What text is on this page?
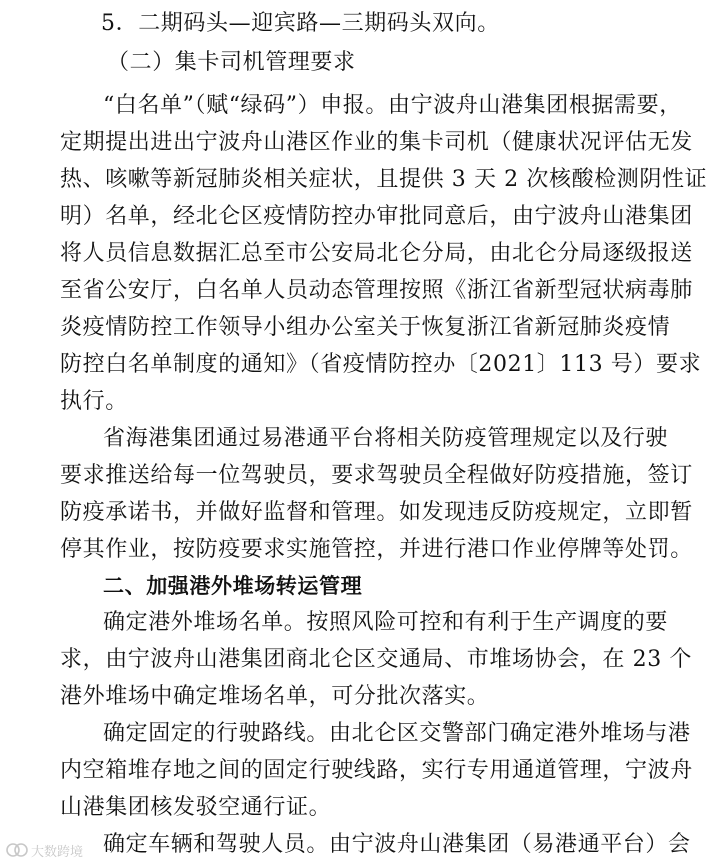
5．二期码头—迎宾路—三期码头双向。
（二）集卡司机管理要求
“白名单”（赋“绿码”）申报。由宁波舟山港集团根据需要，
定期提出进出宁波舟山港区作业的集卡司机（健康状况评估无发
热、咳嗽等新冠肺炎相关症状，且提供 3 天 2 次核酸检测阴性证
明）名单，经北仑区疫情防控办审批同意后，由宁波舟山港集团
将人员信息数据汇总至市公安局北仑分局，由北仑分局逐级报送
至省公安厅，白名单人员动态管理按照《浙江省新型冠状病毒肺
炎疫情防控工作领导小组办公室关于恢复浙江省新冠肺炎疫情
防控白名单制度的通知》（省疫情防控办〔2021〕113 号）要求
执行。
省海港集团通过易港通平台将相关防疫管理规定以及行驶
要求推送给每一位驾驶员，要求驾驶员全程做好防疫措施，签订
防疫承诺书，并做好监督和管理。如发现违反防疫规定，立即暂
停其作业，按防疫要求实施管控，并进行港口作业停牌等处罚。
二、加强港外堆场转运管理
确定港外堆场名单。按照风险可控和有利于生产调度的要
求，由宁波舟山港集团商北仑区交通局、市堆场协会，在 23 个
港外堆场中确定堆场名单，可分批次落实。
确定固定的行驶路线。由北仑区交警部门确定港外堆场与港
内空箱堆存地之间的固定行驶线路，实行专用通道管理，宁波舟
山港集团核发驳空通行证。
确定车辆和驾驶人员。由宁波舟山港集团（易港通平台）会
大数跨境
